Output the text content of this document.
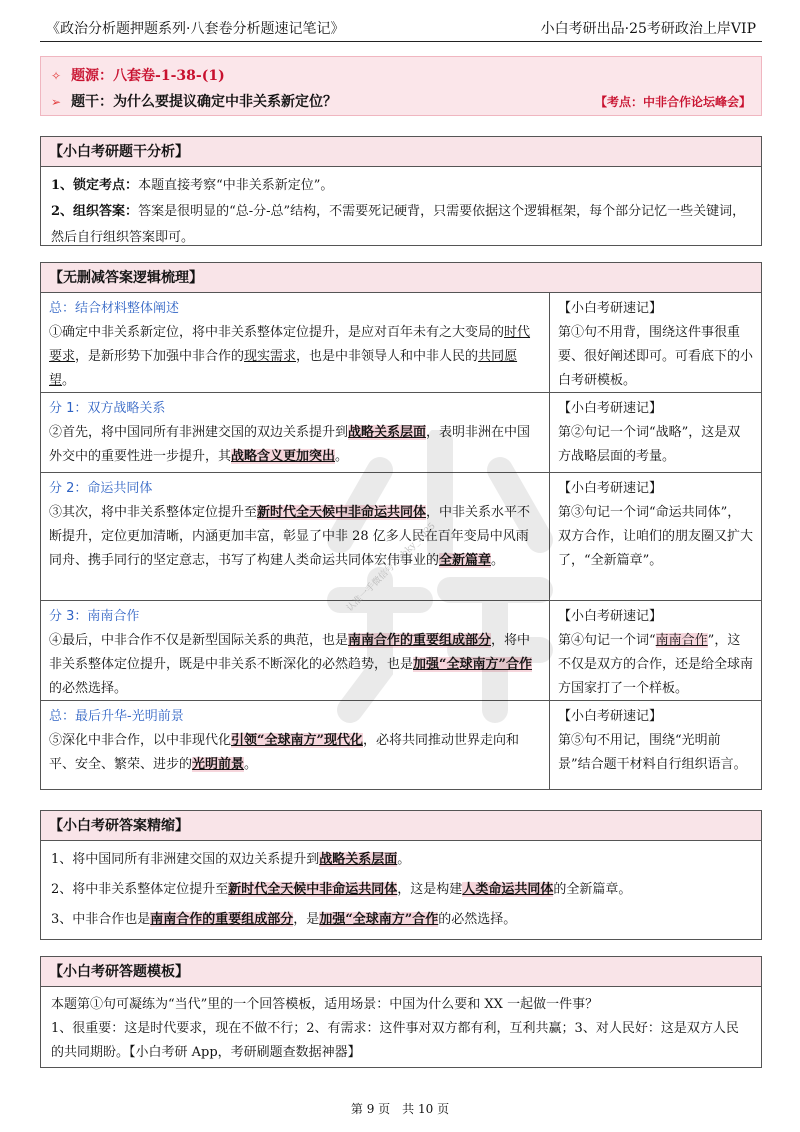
《政治分析题押题系列·八套卷分析题速记笔记》	小白考研出品·25考研政治上岸VIP
✧ 题源：八套卷-1-38-(1)
➢ 题干：为什么要提议确定中非关系新定位？	【考点：中非合作论坛峰会】
【小白考研题干分析】
1、锁定考点：本题直接考察“中非关系新定位”。
2、组织答案：答案是很明显的“总-分-总”结构，不需要死记硬背，只需要依据这个逻辑框架，每个部分记忆一些关键词，然后自行组织答案即可。
【无删减答案逻辑梳理】
总：结合材料整体阐述
①确定中非关系新定位，将中非关系整体定位提升，是应对百年未有之大变局的时代要求，是新形势下加强中非合作的现实需求，也是中非领导人和中非人民的共同愿望。
【小白考研速记】
第①句不用背，围绕这件事很重要、很好阐述即可。可看底下的小白考研模板。
分 1：双方战略关系
②首先，将中国同所有非洲建交国的双边关系提升到战略关系层面，表明非洲在中国外交中的重要性进一步提升，其战略含义更加突出。
【小白考研速记】
第②句记一个词“战略”，这是双方战略层面的考量。
分 2：命运共同体
③其次，将中非关系整体定位提升至新时代全天候中非命运共同体，中非关系水平不断提升，定位更加清晰，内涵更加丰富，彰显了中非 28 亿多人民在百年变局中风雨同舟、携手同行的坚定意志，书写了构建人类命运共同体宏伟事业的全新篇章。
【小白考研速记】
第③句记一个词“命运共同体”，双方合作，让咱们的朋友圈又扩大了，“全新篇章”。
分 3：南南合作
④最后，中非合作不仅是新型国际关系的典范，也是南南合作的重要组成部分，将中非关系整体定位提升，既是中非关系不断深化的必然趋势，也是加强“全球南方”合作的必然选择。
【小白考研速记】
第④句记一个词“南南合作”，这不仅是双方的合作，还是给全球南方国家打了一个样板。
总：最后升华-光明前景
⑤深化中非合作，以中非现代化引领“全球南方”现代化，必将共同推动世界走向和平、安全、繁荣、进步的光明前景。
【小白考研速记】
第⑤句不用记，围绕“光明前景”结合题干材料自行组织语言。
【小白考研答案精缩】
1、将中国同所有非洲建交国的双边关系提升到战略关系层面。
2、将中非关系整体定位提升至新时代全天候中非命运共同体，这是构建人类命运共同体的全新篇章。
3、中非合作也是南南合作的重要组成部分，是加强“全球南方”合作的必然选择。
【小白考研答题模板】
本题第①句可凝练为“当代”里的一个回答模板，适用场景：中国为什么要和 XX 一起做一件事？
1、很重要：这是时代要求，现在不做不行；2、有需求：这件事对双方都有利，互利共赢；3、对人民好：这是双方人民的共同期盼。【小白考研 App，考研刷题查数据神器】
认准一手微信号：xbky_2025
第 9 页　共 10 页
